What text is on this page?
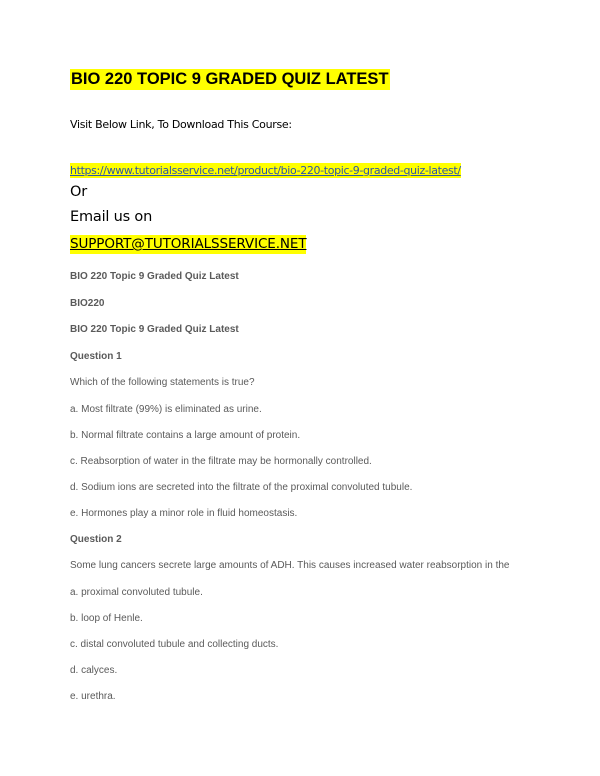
BIO 220 TOPIC 9 GRADED QUIZ LATEST
Visit Below Link, To Download This Course:
https://www.tutorialsservice.net/product/bio-220-topic-9-graded-quiz-latest/
Or
Email us on
SUPPORT@TUTORIALSSERVICE.NET
BIO 220 Topic 9 Graded Quiz Latest
BIO220
BIO 220 Topic 9 Graded Quiz Latest
Question 1
Which of the following statements is true?
a. Most filtrate (99%) is eliminated as urine.
b. Normal filtrate contains a large amount of protein.
c. Reabsorption of water in the filtrate may be hormonally controlled.
d. Sodium ions are secreted into the filtrate of the proximal convoluted tubule.
e. Hormones play a minor role in fluid homeostasis.
Question 2
Some lung cancers secrete large amounts of ADH. This causes increased water reabsorption in the
a. proximal convoluted tubule.
b. loop of Henle.
c. distal convoluted tubule and collecting ducts.
d. calyces.
e. urethra.
